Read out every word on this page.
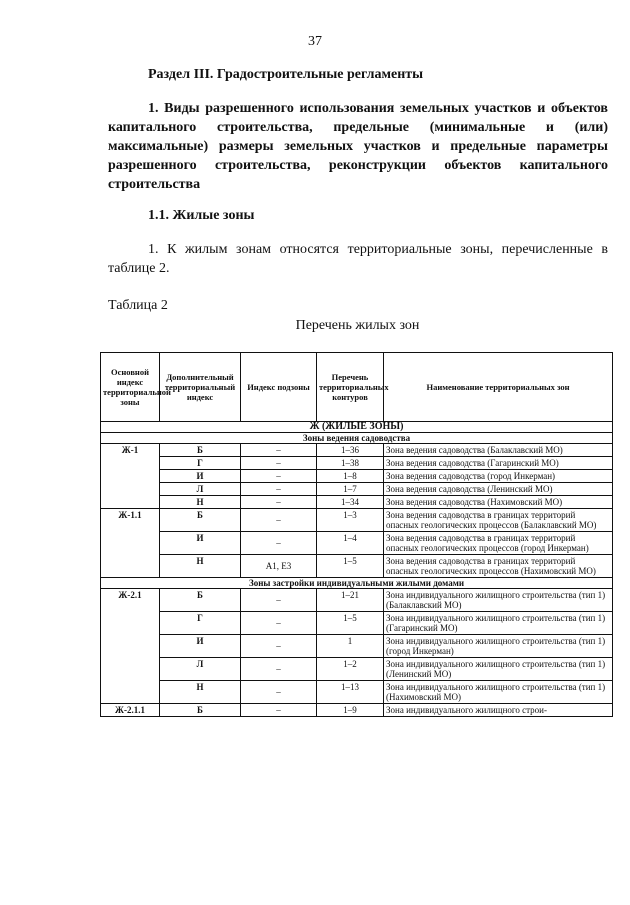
37
Раздел III. Градостроительные регламенты
1. Виды разрешенного использования земельных участков и объектов капитального строительства, предельные (минимальные и (или) максимальные) размеры земельных участков и предельные параметры разрешенного строительства, реконструкции объектов капитального строительства
1.1. Жилые зоны
1. К жилым зонам относятся территориальные зоны, перечисленные в таблице 2.
Таблица 2
Перечень жилых зон
Основной индекс территориальной зоны	Дополнительный территориальный индекс	Индекс подзоны	Перечень территориальных контуров	Наименование территориальных зон
Ж (ЖИЛЫЕ ЗОНЫ)				
Зоны ведения садоводства				
Ж-1	Б	–	1–36	Зона ведения садоводства (Балаклавский МО)
	Г	–	1–38	Зона ведения садоводства (Гагаринский МО)
	И	–	1–8	Зона ведения садоводства (город Инкерман)
	Л	–	1–7	Зона ведения садоводства (Ленинский МО)
	Н	–	1–34	Зона ведения садоводства (Нахимовский МО)
Ж-1.1	Б	–	1–3	Зона ведения садоводства в границах территорий опасных геологических процессов (Балаклавский МО)
	И	–	1–4	Зона ведения садоводства в границах территорий опасных геологических процессов (город Инкерман)
	Н	А1, Е3	1–5	Зона ведения садоводства в границах территорий опасных геологических процессов (Нахимовский МО)
Зоны застройки индивидуальными жилыми домами				
Ж-2.1	Б	–	1–21	Зона индивидуального жилищного строительства (тип 1) (Балаклавский МО)
	Г	–	1–5	Зона индивидуального жилищного строительства (тип 1) (Гагаринский МО)
	И	–	1	Зона индивидуального жилищного строительства (тип 1) (город Инкерман)
	Л	–	1–2	Зона индивидуального жилищного строительства (тип 1) (Ленинский МО)
	Н	–	1–13	Зона индивидуального жилищного строительства (тип 1) (Нахимовский МО)
Ж-2.1.1	Б	–	1–9	Зона индивидуального жилищного строи-
